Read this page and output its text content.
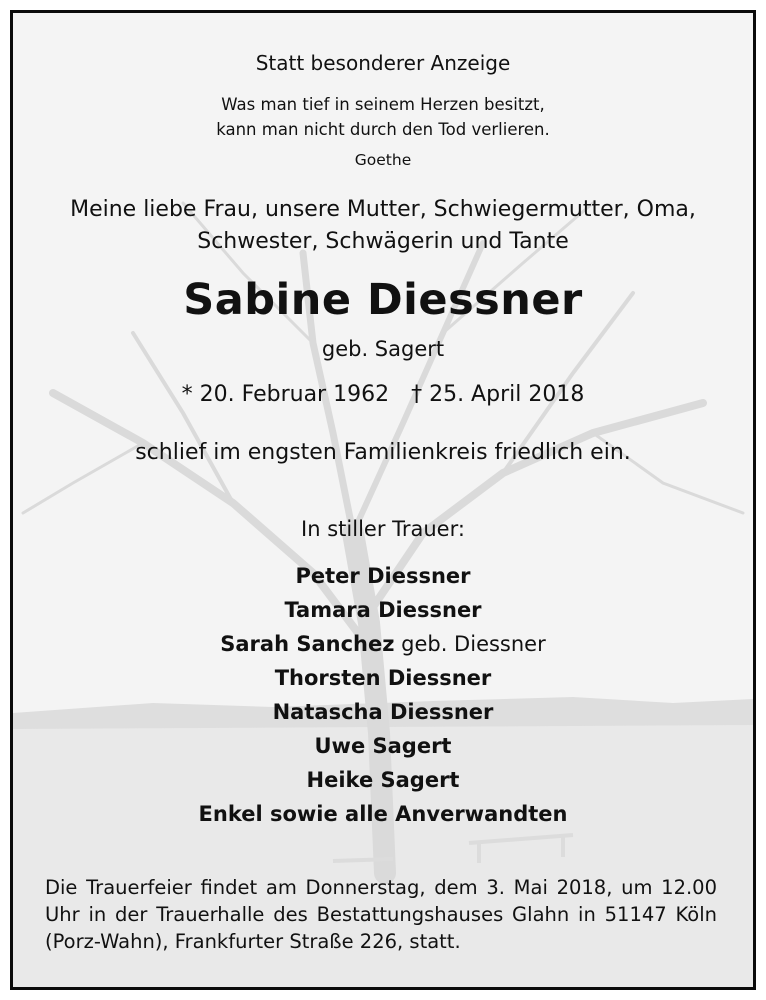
Statt besonderer Anzeige
Was man tief in seinem Herzen besitzt,
kann man nicht durch den Tod verlieren.
Goethe
Meine liebe Frau, unsere Mutter, Schwiegermutter, Oma,
Schwester, Schwägerin und Tante
Sabine Diessner
geb. Sagert
* 20. Februar 1962 † 25. April 2018
schlief im engsten Familienkreis friedlich ein.
In stiller Trauer:
Peter Diessner
Tamara Diessner
Sarah Sanchez geb. Diessner
Thorsten Diessner
Natascha Diessner
Uwe Sagert
Heike Sagert
Enkel sowie alle Anverwandten
Die Trauerfeier findet am Donnerstag, dem 3. Mai 2018, um 12.00 Uhr in der Trauerhalle des Bestattungshauses Glahn in 51147 Köln (Porz-Wahn), Frankfurter Straße 226, statt.
